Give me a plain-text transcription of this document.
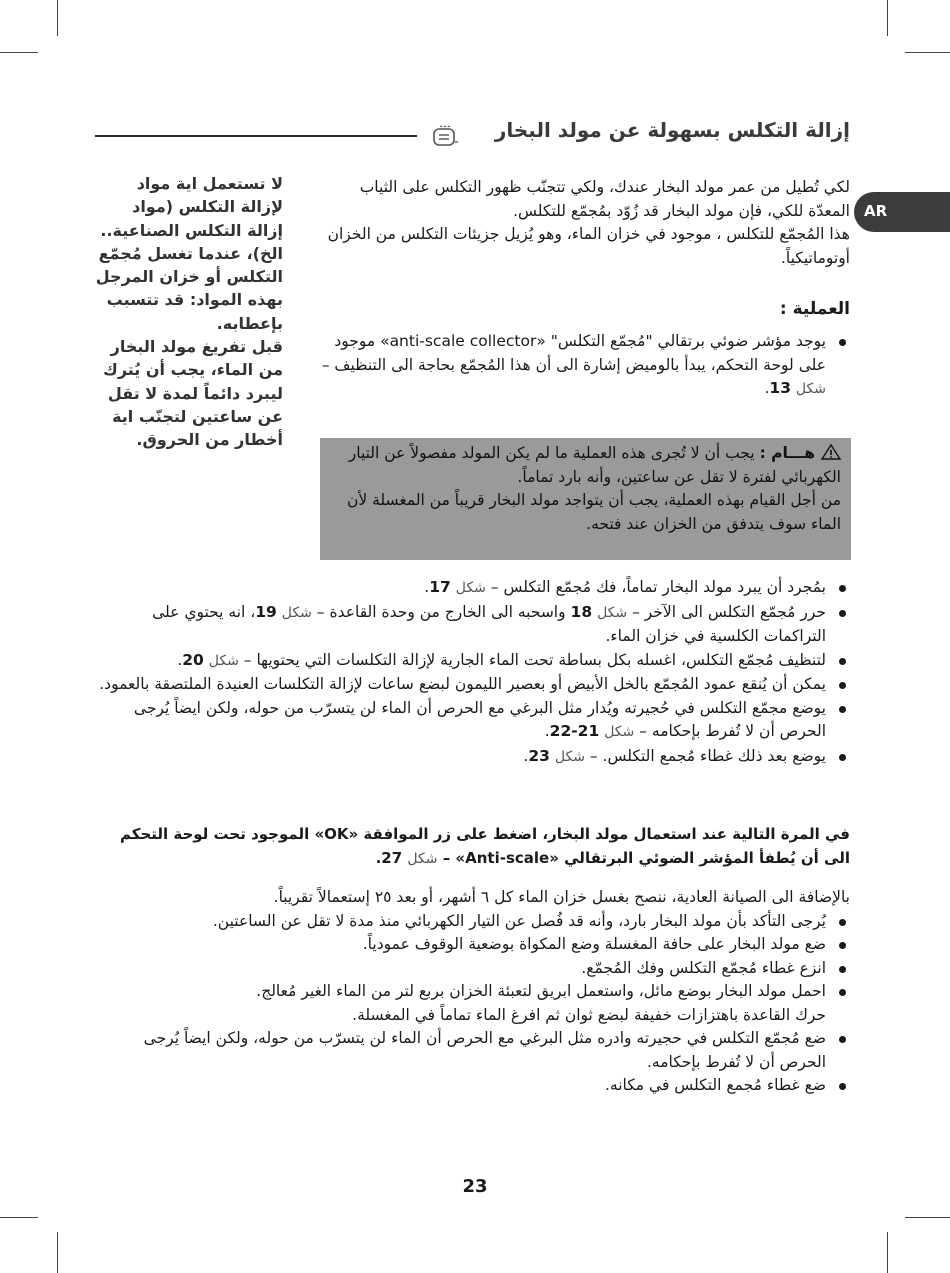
إزالة التكلس بسهولة عن مولد البخار
AR

لا تستعمل اية مواد لإزالة التكلس (مواد إزالة التكلس الصناعية.. الخ)، عندما تغسل مُجمّع التكلس أو خزان المرجل بهذه المواد: قد تتسبب بإعطابه.

قبل تفريغ مولد البخار من الماء، يجب أن يُترك ليبرد دائماً لمدة لا تقل عن ساعتين لتجنّب اية أخطار من الحروق.

لكي تُطيل من عمر مولد البخار عندك، ولكي تتجنّب ظهور التكلس على الثياب المعدّة للكي، فإن مولد البخار قد زُوّد بمُجمّع للتكلس.

هذا المُجمّع للتكلس ، موجود في خزان الماء، وهو يُزيل جزيئات التكلس من الخزان أوتوماتيكياً.

العملية :
يوجد مؤشر ضوئي برتقالي "مُجمّع التكلس" «anti-scale collector» موجود على لوحة التحكم، يبدأ بالوميض إشارة الى أن هذا المُجمّع بحاجة الى التنظيف – شكل 13.

هـــام : يجب أن لا تُجرى هذه العملية ما لم يكن المولد مفصولاً عن التيار الكهربائي لفترة لا تقل عن ساعتين، وأنه بارد تماماً.

من أجل القيام بهذه العملية، يجب أن يتواجد مولد البخار قريباً من المغسلة لأن الماء سوف يتدفق من الخزان عند فتحه.

بمُجرد أن يبرد مولد البخار تماماً، فك مُجمّع التكلس – شكل 17.
حرر مُجمّع التكلس الى الآخر – شكل 18 واسحبه الى الخارج من وحدة القاعدة – شكل 19، انه يحتوي على التراكمات الكلسية في خزان الماء.
لتنظيف مُجمّع التكلس، اغسله بكل بساطة تحت الماء الجارية لإزالة التكلسات التي يحتويها – شكل 20.
يمكن أن يُنقع عمود المُجمّع بالخل الأبيض أو بعصير الليمون لبضع ساعات لإزالة التكلسات العنيدة الملتصقة بالعمود.
يوضع مجمّع التكلس في حُجيرته ويُدار مثل البرغي مع الحرص أن الماء لن يتسرّب من حوله، ولكن ايضاً يُرجى الحرص أن لا تُفرط بإحكامه – شكل 21-22.
يوضع بعد ذلك غطاء مُجمع التكلس. – شكل 23.
في المرة التالية عند استعمال مولد البخار، اضغط على زر الموافقة «OK» الموجود تحت لوحة التحكم الى أن يُطفأ المؤشر الضوئي البرتقالي «Anti-scale» – شكل 27.

بالإضافة الى الصيانة العادية، ننصح بغسل خزان الماء كل ٦ أشهر، أو بعد ٢٥ إستعمالاً تقريباً.

يُرجى التأكد بأن مولد البخار بارد، وأنه قد فُصل عن التيار الكهربائي منذ مدة لا تقل عن الساعتين.
ضع مولد البخار على حافة المغسلة وضع المكواة بوضعية الوقوف عمودياً.
انزع غطاء مُجمّع التكلس وفك المُجمّع.
احمل مولد البخار بوضع مائل، واستعمل ابريق لتعبئة الخزان بربع لتر من الماء الغير مُعالج.
حرك القاعدة باهتزازات خفيفة لبضع ثوان ثم افرغ الماء تماماً في المغسلة.
ضع مُجمّع التكلس في حجيرته وادره مثل البرغي مع الحرص أن الماء لن يتسرّب من حوله، ولكن ايضاً يُرجى الحرص أن لا تُفرط بإحكامه.
ضع غطاء مُجمع التكلس في مكانه.
23
